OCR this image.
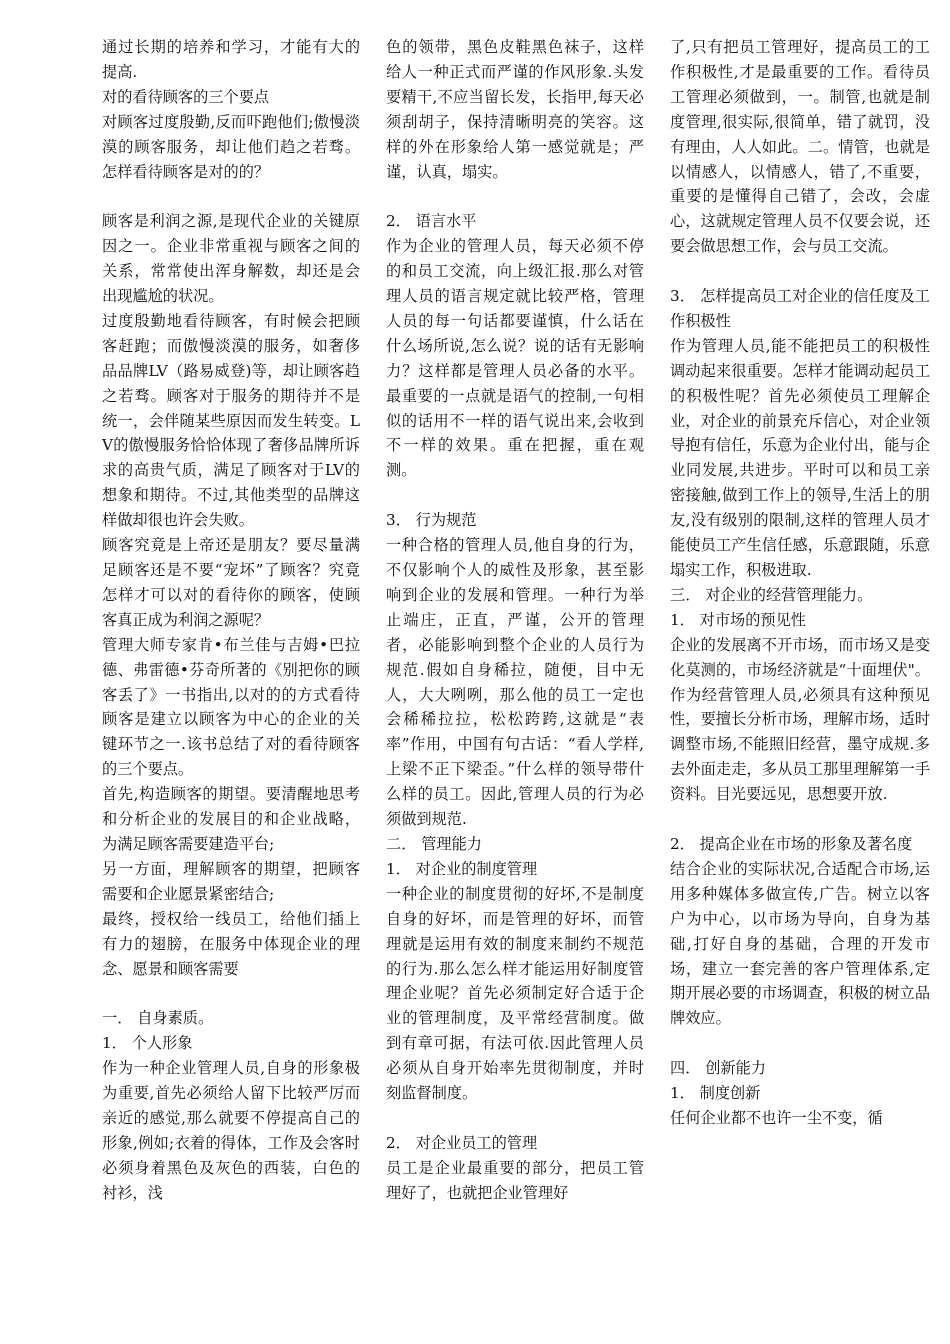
通过长期的培养和学习，才能有大的提高.

对的看待顾客的三个要点

对顾客过度殷勤,反而吓跑他们;傲慢淡漠的顾客服务，却让他们趋之若骛。怎样看待顾客是对的的？

顾客是利润之源,是现代企业的关键原因之一。企业非常重视与顾客之间的关系，常常使出浑身解数，却还是会出现尴尬的状况。

过度殷勤地看待顾客，有时候会把顾客赶跑；而傲慢淡漠的服务，如奢侈品品牌LV（路易威登)等，却让顾客趋之若骛。顾客对于服务的期待并不是统一，会伴随某些原因而发生转变。LV的傲慢服务恰恰体现了奢侈品牌所诉求的高贵气质，满足了顾客对于LV的想象和期待。不过,其他类型的品牌这样做却很也许会失败。

顾客究竟是上帝还是朋友？要尽量满足顾客还是不要“宠坏”了顾客？究竟怎样才可以对的看待你的顾客，使顾客真正成为利润之源呢？

管理大师专家肯•布兰佳与吉姆•巴拉德、弗雷德•芬奇所著的《别把你的顾客丢了》一书指出,以对的的方式看待顾客是建立以顾客为中心的企业的关键环节之一.该书总结了对的看待顾客的三个要点。

首先,构造顾客的期望。要清醒地思考和分析企业的发展目的和企业战略，为满足顾客需要建造平台;

另一方面，理解顾客的期望，把顾客需要和企业愿景紧密结合;

最终，授权给一线员工，给他们插上有力的翅膀，在服务中体现企业的理念、愿景和顾客需要

一． 自身素质。

1． 个人形象

作为一种企业管理人员,自身的形象极为重要,首先必须给人留下比较严厉而亲近的感觉,那么就要不停提高自己的形象,例如;衣着的得体，工作及会客时必须身着黑色及灰色的西装，白色的衬衫，浅

色的领带，黑色皮鞋黑色袜子，这样给人一种正式而严谨的作风形象.头发要精干,不应当留长发，长指甲,每天必须刮胡子，保持清晰明亮的笑容。这样的外在形象给人第一感觉就是；严谨，认真，塌实。

2． 语言水平

作为企业的管理人员，每天必须不停的和员工交流，向上级汇报.那么对管理人员的语言规定就比较严格，管理人员的每一句话都要谨慎，什么话在什么场所说,怎么说？说的话有无影响力？这样都是管理人员必备的水平。最重要的一点就是语气的控制,一句相似的话用不一样的语气说出来,会收到不一样的效果。重在把握，重在观测。

3． 行为规范

一种合格的管理人员,他自身的行为，不仅影响个人的威性及形象，甚至影响到企业的发展和管理。一种行为举止端庄，正直，严谨，公开的管理者，必能影响到整个企业的人员行为规范.假如自身稀拉，随便，目中无人，大大咧咧，那么他的员工一定也会稀稀拉拉，松松跨跨,这就是“表率”作用，中国有句古话：“看人学样,上梁不正下梁歪。”什么样的领导带什么样的员工。因此,管理人员的行为必须做到规范.

二． 管理能力

1． 对企业的制度管理

一种企业的制度贯彻的好坏,不是制度自身的好坏，而是管理的好坏，而管理就是运用有效的制度来制约不规范的行为.那么怎么样才能运用好制度管理企业呢？首先必须制定好合适于企业的管理制度，及平常经营制度。做到有章可据，有法可依.因此管理人员必须从自身开始率先贯彻制度，并时刻监督制度。

2． 对企业员工的管理

员工是企业最重要的部分，把员工管理好了，也就把企业管理好

了,只有把员工管理好，提高员工的工作积极性,才是最重要的工作。看待员工管理必须做到，一。制管,也就是制度管理,很实际,很简单，错了就罚，没有理由，人人如此。二。情管，也就是以情感人，以情感人，错了,不重要，重要的是懂得自己错了，会改，会虚心，这就规定管理人员不仅要会说，还要会做思想工作，会与员工交流。

3． 怎样提高员工对企业的信任度及工作积极性

作为管理人员,能不能把员工的积极性调动起来很重要。怎样才能调动起员工的积极性呢？首先必须使员工理解企业，对企业的前景充斥信心，对企业领导抱有信任，乐意为企业付出，能与企业同发展,共进步。平时可以和员工亲密接触,做到工作上的领导,生活上的朋友,没有级别的限制,这样的管理人员才能使员工产生信任感，乐意跟随，乐意塌实工作，积极进取.

三． 对企业的经营管理能力。

1． 对市场的预见性

企业的发展离不开市场，而市场又是变化莫测的，市场经济就是“十面埋伏"。作为经营管理人员,必须具有这种预见性，要擅长分析市场，理解市场，适时调整市场,不能照旧经营，墨守成规.多去外面走走，多从员工那里理解第一手资料。目光要远见，思想要开放.

2． 提高企业在市场的形象及著名度

结合企业的实际状况,合适配合市场,运用多种媒体多做宣传,广告。树立以客户为中心，以市场为导向，自身为基础,打好自身的基础，合理的开发市场，建立一套完善的客户管理体系,定期开展必要的市场调查，积极的树立品牌效应。

四． 创新能力

1． 制度创新

任何企业都不也许一尘不变，循
